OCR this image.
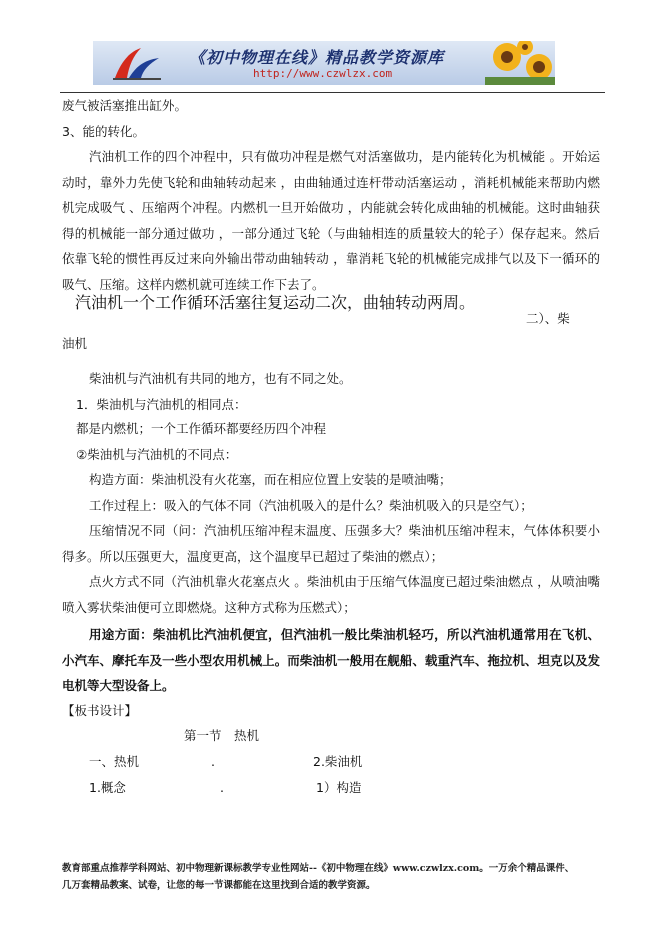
《初中物理在线》精品教学资源库
http://www.czwlzx.com
废气被活塞推出缸外。
3、能的转化。
汽油机工作的四个冲程中，只有做功冲程是燃气对活塞做功，是内能转化为机械能 。开始运动时，靠外力先使飞轮和曲轴转动起来 ，由曲轴通过连杆带动活塞运动 ，消耗机械能来帮助内燃机完成吸气 、压缩两个冲程。内燃机一旦开始做功 ，内能就会转化成曲轴的机械能。这时曲轴获得的机械能一部分通过做功 ，一部分通过飞轮（与曲轴相连的质量较大的轮子）保存起来。然后依靠飞轮的惯性再反过来向外输出带动曲轴转动 ，靠消耗飞轮的机械能完成排气以及下一循环的吸气、压缩。这样内燃机就可连续工作下去了。
汽油机一个工作循环活塞往复运动二次，曲轴转动两周。
二）、柴
油机
柴油机与汽油机有共同的地方，也有不同之处。
1．柴油机与汽油机的相同点：
都是内燃机；一个工作循环都要经历四个冲程
②柴油机与汽油机的不同点：
构造方面：柴油机没有火花塞，而在相应位置上安装的是喷油嘴；
工作过程上：吸入的气体不同（汽油机吸入的是什么？柴油机吸入的只是空气）；
压缩情况不同（问：汽油机压缩冲程末温度、压强多大？柴油机压缩冲程末，气体体积要小得多。所以压强更大，温度更高，这个温度早已超过了柴油的燃点）；
点火方式不同（汽油机靠火花塞点火 。柴油机由于压缩气体温度已超过柴油燃点 ，从喷油嘴喷入雾状柴油便可立即燃烧。这种方式称为压燃式）；
用途方面：柴油机比汽油机便宜，但汽油机一般比柴油机轻巧，所以汽油机通常用在飞机、小汽车、摩托车及一些小型农用机械上。而柴油机一般用在舰船、载重汽车、拖拉机、坦克以及发电机等大型设备上。
【板书设计】
第一节　热机
一、热机	.	2.柴油机
1.概念	.	1）构造
教育部重点推荐学科网站、初中物理新课标教学专业性网站--《初中物理在线》www.czwlzx.com。一万余个精品课件、
几万套精品教案、试卷，让您的每一节课都能在这里找到合适的教学资源。
